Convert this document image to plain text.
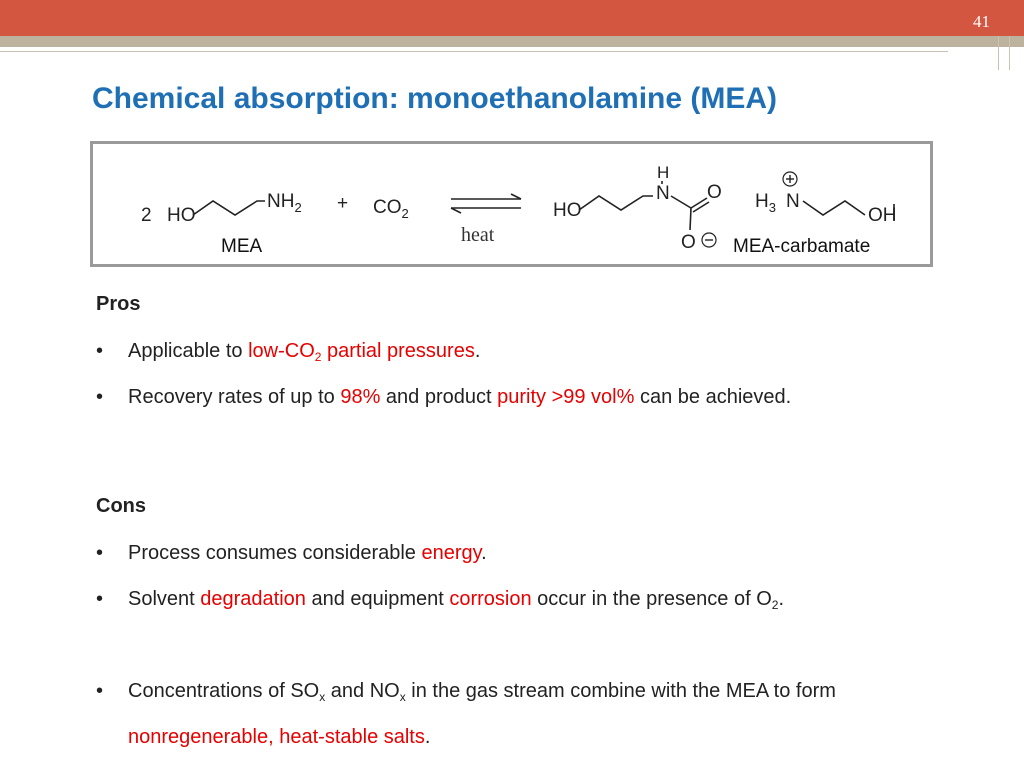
41
Chemical absorption: monoethanolamine (MEA)
2 HO
$NH_2 + CO_2$	HO
H
N O
O
$H_3$ N
OH
heat
MEA	MEA-carbamate
Pros
• Applicable to low-$CO_2$ partial pressures.
• Recovery rates of up to 98% and product purity >99 vol% can be achieved.
Cons
• Process consumes considerable energy.
• Solvent degradation and equipment corrosion occur in the presence of $O_2$.
• Concentrations of $SO_x$ and $NO_x$ in the gas stream combine with the MEA to form nonregenerable, heat-stable salts.
